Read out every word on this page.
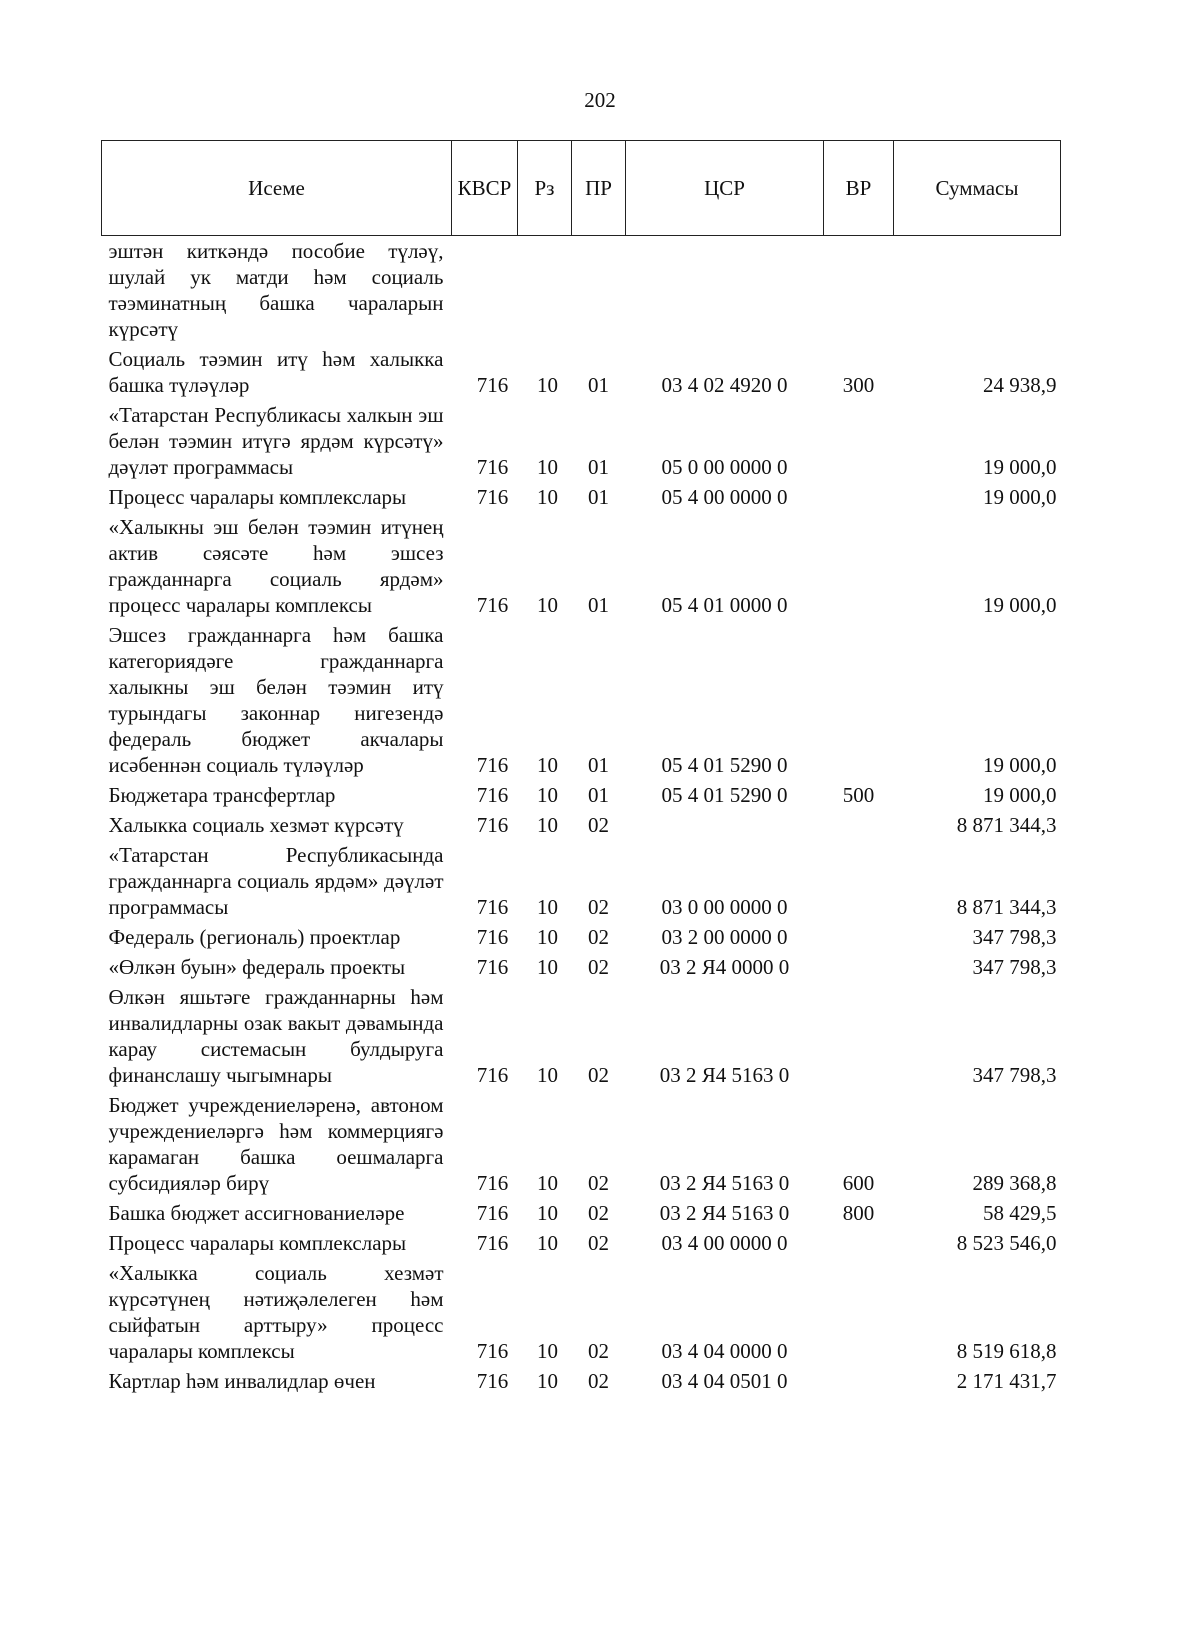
202
Исеме	КВСР	Рз	ПР	ЦСР	ВР	Суммасы
эштән киткәндә пособие түләү, шулай ук матди һәм социаль тәэминатның башка чараларын күрсәтү						
Социаль тәэмин итү һәм халыкка башка түләүләр	716	10	01	03 4 02 4920 0	300	24 938,9
«Татарстан Республикасы халкын эш белән тәэмин итүгә ярдәм күрсәтү» дәүләт программасы	716	10	01	05 0 00 0000 0		19 000,0
Процесс чаралары комплекслары	716	10	01	05 4 00 0000 0		19 000,0
«Халыкны эш белән тәэмин итүнең актив сәясәте һәм эшсез гражданнарга социаль ярдәм» процесс чаралары комплексы	716	10	01	05 4 01 0000 0		19 000,0
Эшсез гражданнарга һәм башка категориядәге гражданнарга халыкны эш белән тәэмин итү турындагы законнар нигезендә федераль бюджет акчалары исәбеннән социаль түләүләр	716	10	01	05 4 01 5290 0		19 000,0
Бюджетара трансфертлар	716	10	01	05 4 01 5290 0	500	19 000,0
Халыкка социаль хезмәт күрсәтү	716	10	02			8 871 344,3
«Татарстан Республикасында гражданнарга социаль ярдәм» дәүләт программасы	716	10	02	03 0 00 0000 0		8 871 344,3
Федераль (региональ) проектлар	716	10	02	03 2 00 0000 0		347 798,3
«Өлкән буын» федераль проекты	716	10	02	03 2 Я4 0000 0		347 798,3
Өлкән яшьтәге гражданнарны һәм инвалидларны озак вакыт дәвамында карау системасын булдыруга финанслашу чыгымнары	716	10	02	03 2 Я4 5163 0		347 798,3
Бюджет учреждениеләренә, автоном учреждениеләргә һәм коммерциягә карамаган башка оешмаларга субсидияләр бирү	716	10	02	03 2 Я4 5163 0	600	289 368,8
Башка бюджет ассигнованиеләре	716	10	02	03 2 Я4 5163 0	800	58 429,5
Процесс чаралары комплекслары	716	10	02	03 4 00 0000 0		8 523 546,0
«Халыкка социаль хезмәт күрсәтүнең нәтиҗәлелеген һәм сыйфатын арттыру» процесс чаралары комплексы	716	10	02	03 4 04 0000 0		8 519 618,8
Картлар һәм инвалидлар өчен	716	10	02	03 4 04 0501 0		2 171 431,7
